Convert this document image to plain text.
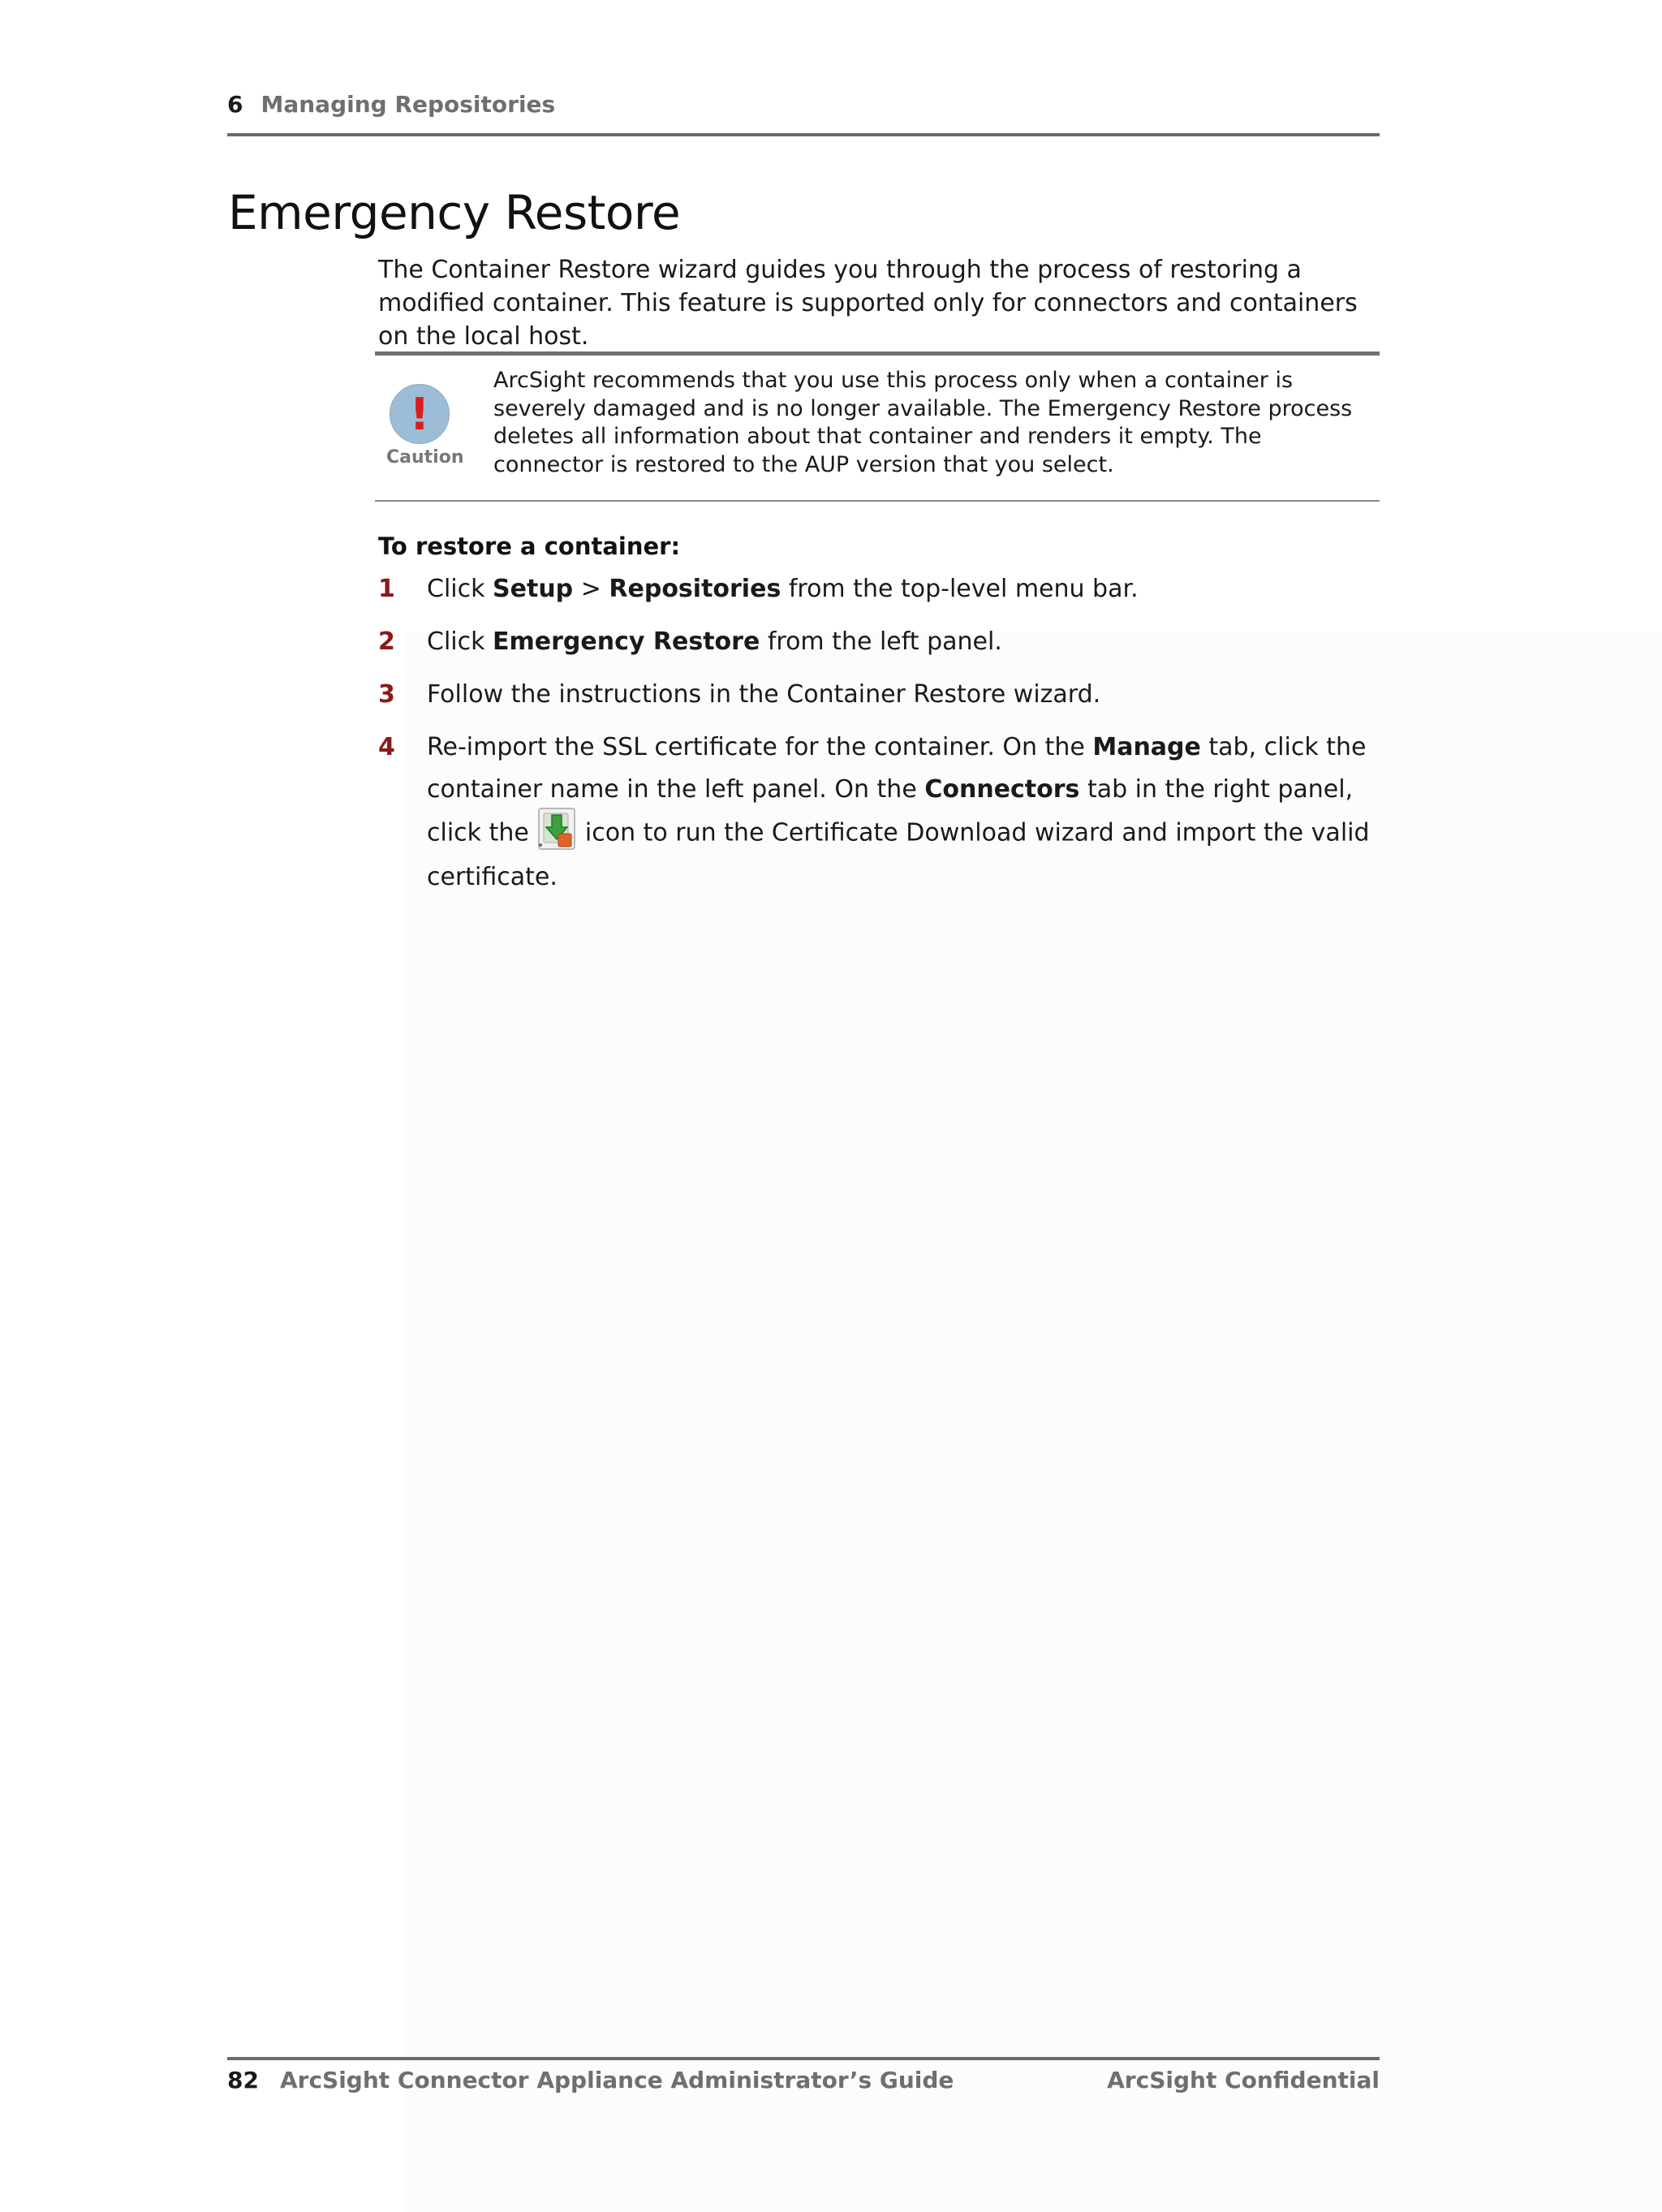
6 Managing Repositories
Emergency Restore

The Container Restore wizard guides you through the process of restoring a modified container. This feature is supported only for connectors and containers on the local host.

!
Caution

ArcSight recommends that you use this process only when a container is severely damaged and is no longer available. The Emergency Restore process deletes all information about that container and renders it empty. The connector is restored to the AUP version that you select.

To restore a container:
1 Click Setup > Repositories from the top-level menu bar.
2 Click Emergency Restore from the left panel.
3 Follow the instructions in the Container Restore wizard.
4 Re-import the SSL certificate for the container. On the Manage tab, click the container name in the left panel. On the Connectors tab in the right panel, click the  icon to run the Certificate Download wizard and import the valid certificate.
82 ArcSight Connector Appliance Administrator’s Guide	ArcSight Confidential
